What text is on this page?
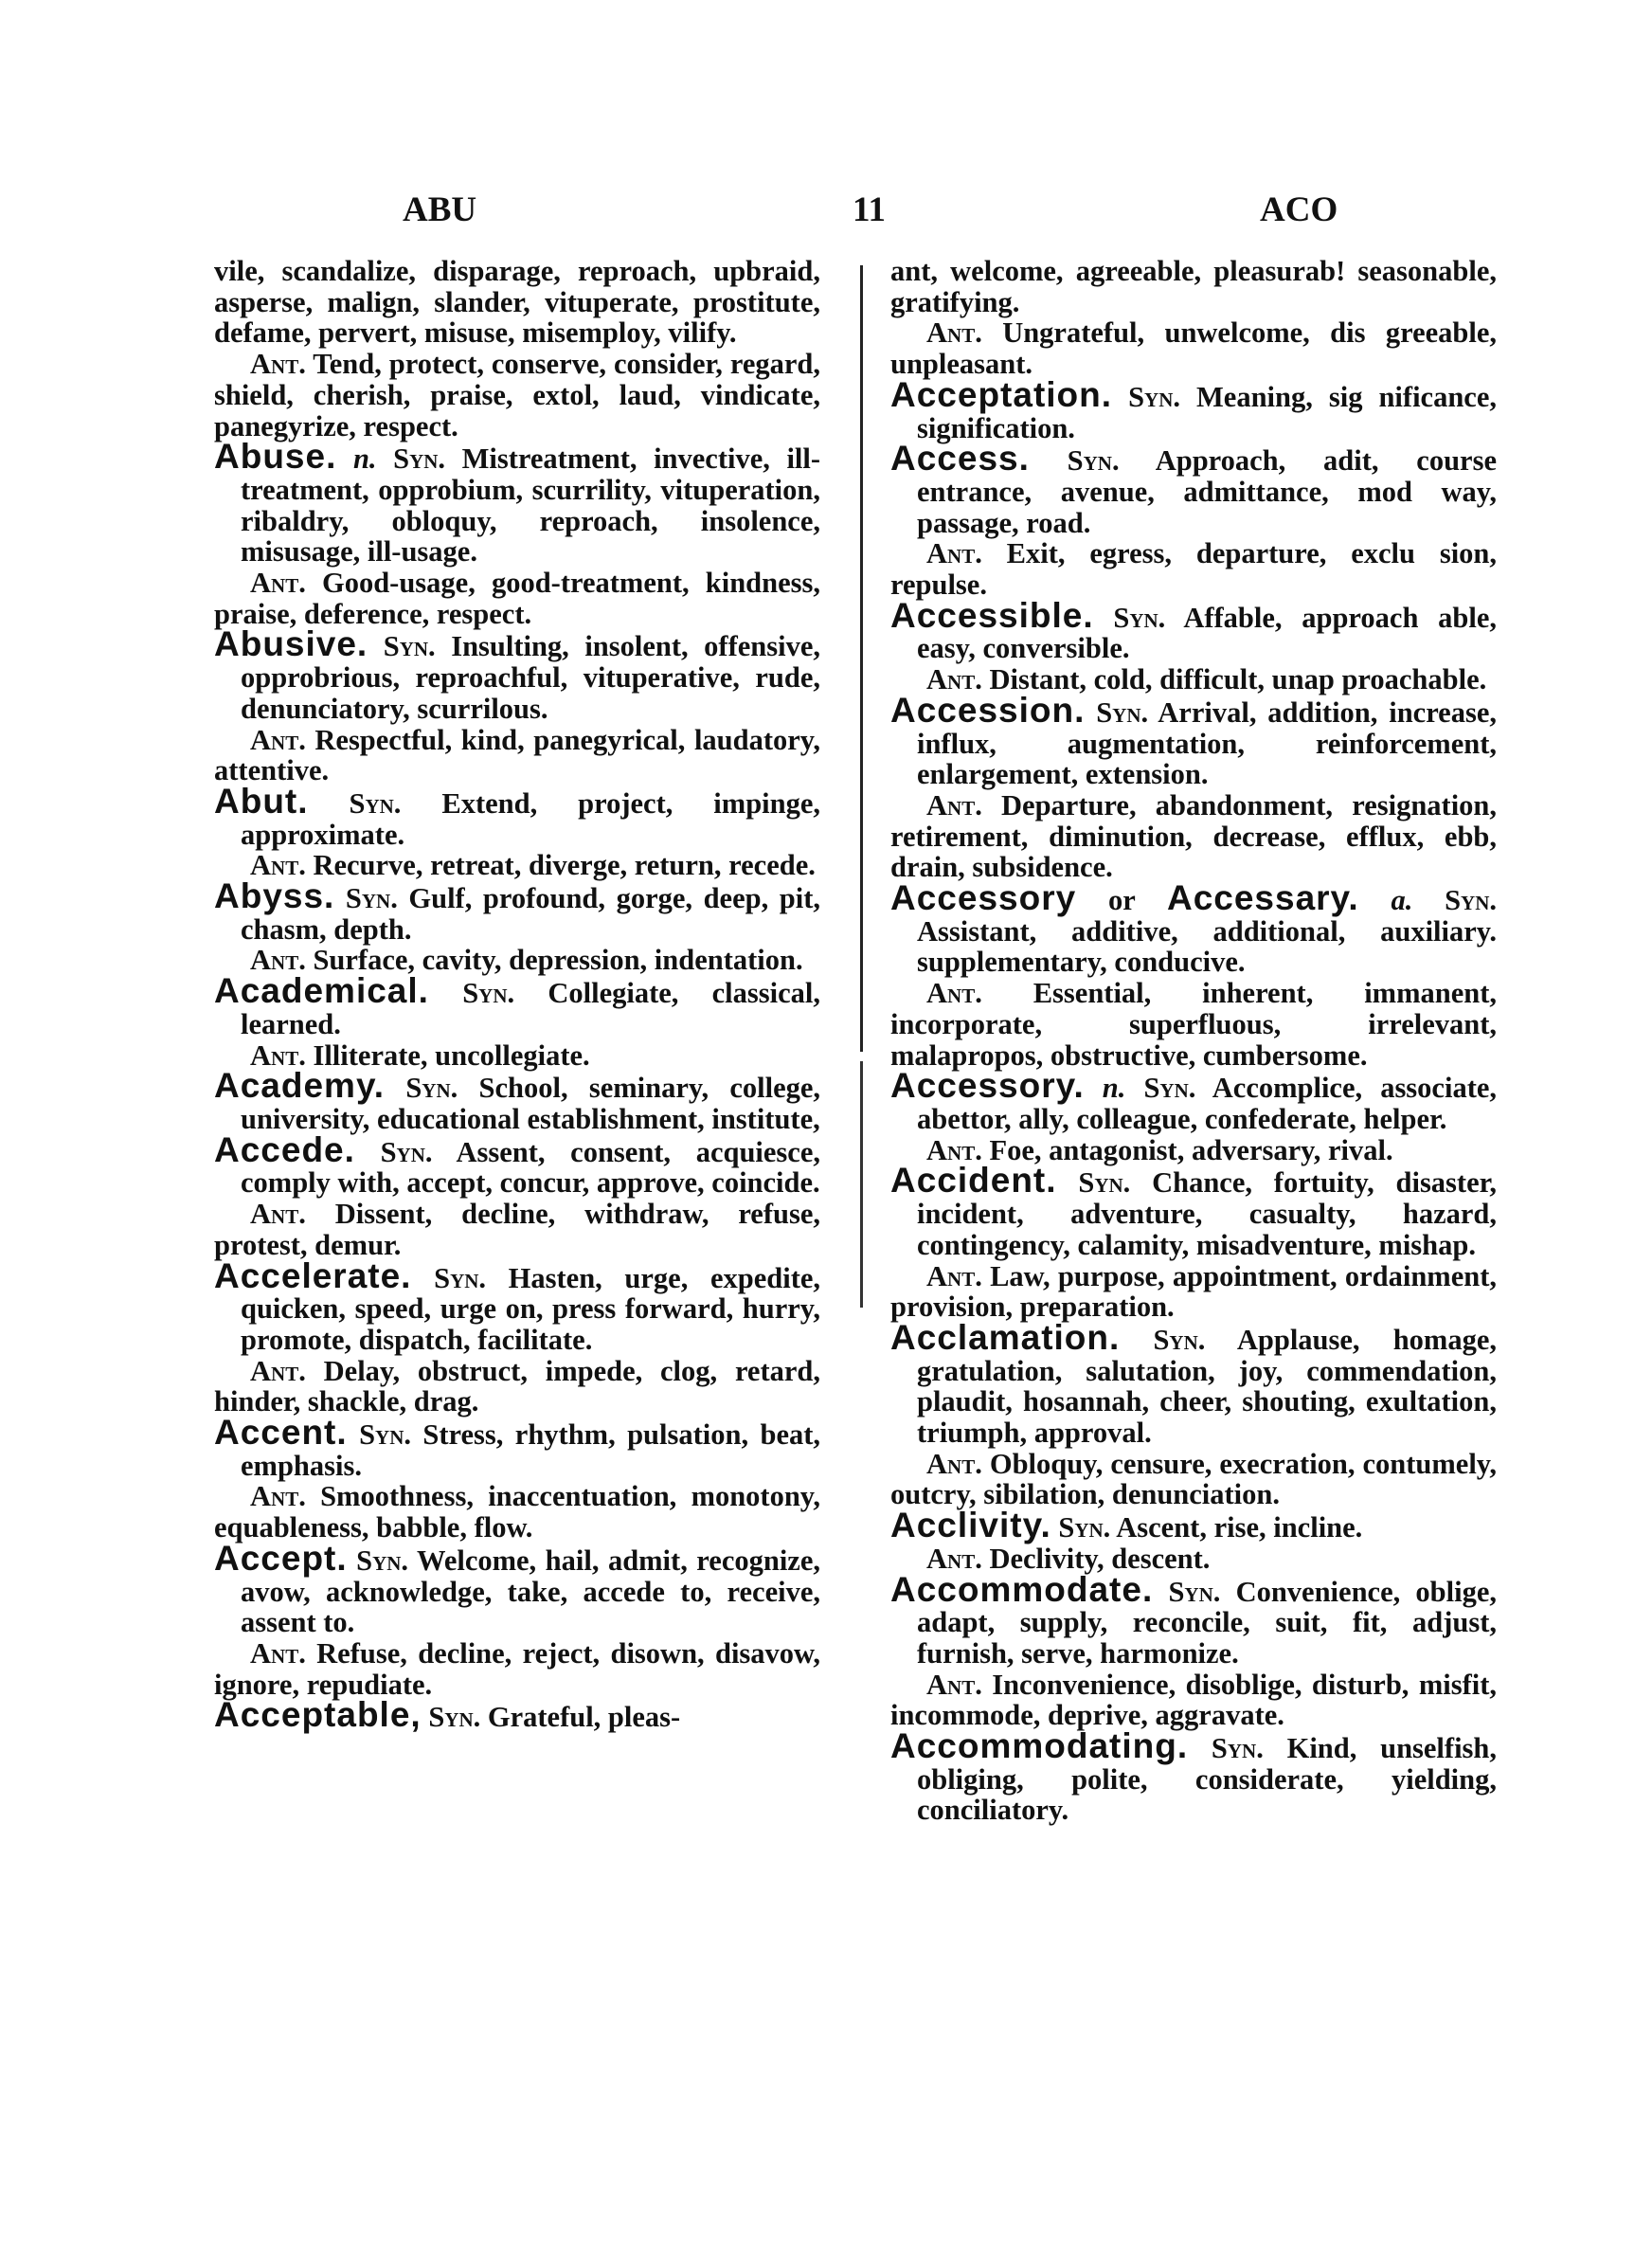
ABU	11	ACO

vile, scandalize, disparage, reproach, upbraid, asperse, malign, slander, vituperate, prostitute, defame, pervert, misuse, misemploy, vilify.

Ant. Tend, protect, conserve, consider, regard, shield, cherish, praise, extol, laud, vindicate, panegyrize, respect.

Abuse. n. Syn. Mistreatment, invective, ill-treatment, opprobium, scurrility, vituperation, ribaldry, obloquy, reproach, insolence, misusage, ill-usage.

Ant. Good-usage, good-treatment, kindness, praise, deference, respect.

Abusive. Syn. Insulting, insolent, offensive, opprobrious, reproachful, vituperative, rude, denunciatory, scurrilous.

Ant. Respectful, kind, panegyrical, laudatory, attentive.

Abut. Syn. Extend, project, impinge, approximate.

Ant. Recurve, retreat, diverge, return, recede.

Abyss. Syn. Gulf, profound, gorge, deep, pit, chasm, depth.

Ant. Surface, cavity, depression, indentation.

Academical. Syn. Collegiate, classical, learned.

Ant. Illiterate, uncollegiate.

Academy. Syn. School, seminary, college, university, educational establishment, institute,

Accede. Syn. Assent, consent, acquiesce, comply with, accept, concur, approve, coincide.

Ant. Dissent, decline, withdraw, refuse, protest, demur.

Accelerate. Syn. Hasten, urge, expedite, quicken, speed, urge on, press forward, hurry, promote, dispatch, facilitate.

Ant. Delay, obstruct, impede, clog, retard, hinder, shackle, drag.

Accent. Syn. Stress, rhythm, pulsation, beat, emphasis.

Ant. Smoothness, inaccentuation, monotony, equableness, babble, flow.

Accept. Syn. Welcome, hail, admit, recognize, avow, acknowledge, take, accede to, receive, assent to.

Ant. Refuse, decline, reject, disown, disavow, ignore, repudiate.

Acceptable, Syn. Grateful, pleas-

ant, welcome, agreeable, pleasurab! seasonable, gratifying.

Ant. Ungrateful, unwelcome, dis greeable, unpleasant.

Acceptation. Syn. Meaning, sig nificance, signification.

Access. Syn. Approach, adit, course entrance, avenue, admittance, mod way, passage, road.

Ant. Exit, egress, departure, exclu sion, repulse.

Accessible. Syn. Affable, approach able, easy, conversible.

Ant. Distant, cold, difficult, unap proachable.

Accession. Syn. Arrival, addition, increase, influx, augmentation, reinforcement, enlargement, extension.

Ant. Departure, abandonment, resignation, retirement, diminution, decrease, efflux, ebb, drain, subsidence.

Accessory or Accessary. a. Syn. Assistant, additive, additional, auxiliary. supplementary, conducive.

Ant. Essential, inherent, immanent, incorporate, superfluous, irrelevant, malapropos, obstructive, cumbersome.

Accessory. n. Syn. Accomplice, associate, abettor, ally, colleague, confederate, helper.

Ant. Foe, antagonist, adversary, rival.

Accident. Syn. Chance, fortuity, disaster, incident, adventure, casualty, hazard, contingency, calamity, misadventure, mishap.

Ant. Law, purpose, appointment, ordainment, provision, preparation.

Acclamation. Syn. Applause, homage, gratulation, salutation, joy, commendation, plaudit, hosannah, cheer, shouting, exultation, triumph, approval.

Ant. Obloquy, censure, execration, contumely, outcry, sibilation, denunciation.

Acclivity. Syn. Ascent, rise, incline.

Ant. Declivity, descent.

Accommodate. Syn. Convenience, oblige, adapt, supply, reconcile, suit, fit, adjust, furnish, serve, harmonize.

Ant. Inconvenience, disoblige, disturb, misfit, incommode, deprive, aggravate.

Accommodating. Syn. Kind, unselfish, obliging, polite, considerate, yielding, conciliatory.
